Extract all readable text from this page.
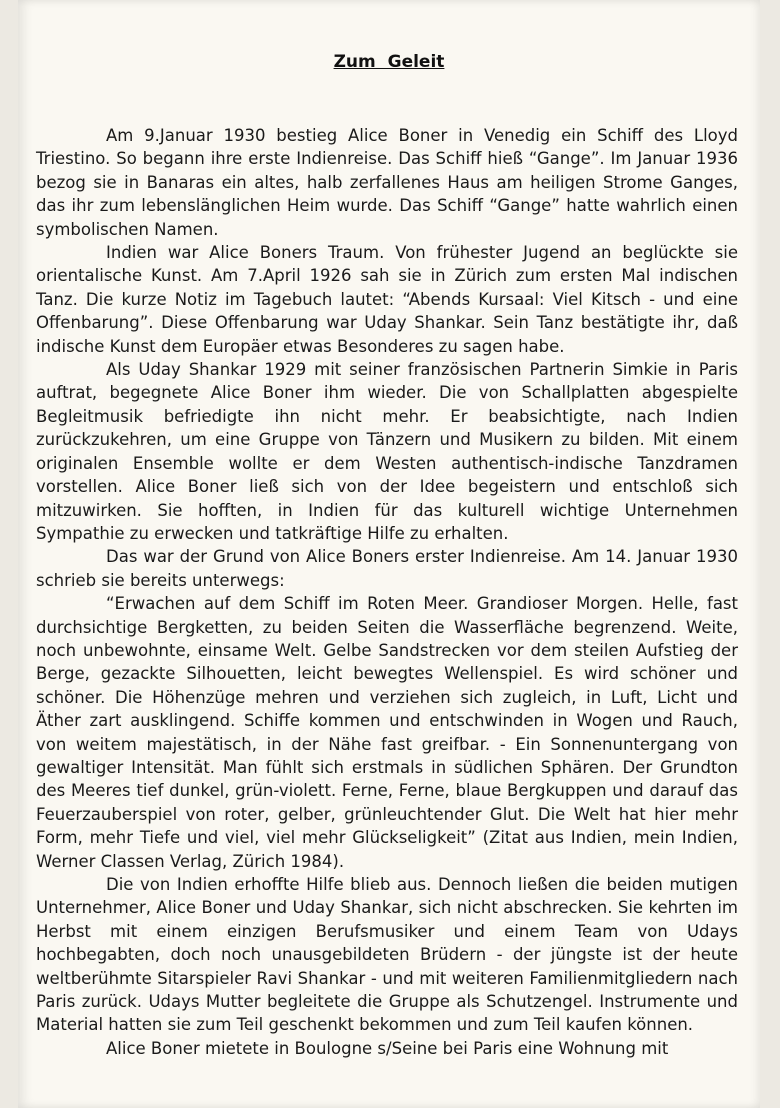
Zum Geleit

Am 9.Januar 1930 bestieg Alice Boner in Venedig ein Schiff des Lloyd Triestino. So begann ihre erste Indienreise. Das Schiff hieß “Gange”. Im Januar 1936 bezog sie in Banaras ein altes, halb zerfallenes Haus am heiligen Strome Ganges, das ihr zum lebenslänglichen Heim wurde. Das Schiff “Gange” hatte wahrlich einen symbolischen Namen.

Indien war Alice Boners Traum. Von frühester Jugend an beglückte sie orientalische Kunst. Am 7.April 1926 sah sie in Zürich zum ersten Mal indischen Tanz. Die kurze Notiz im Tagebuch lautet: “Abends Kursaal: Viel Kitsch - und eine Offenbarung”. Diese Offenbarung war Uday Shankar. Sein Tanz bestätigte ihr, daß indische Kunst dem Europäer etwas Besonderes zu sagen habe.

Als Uday Shankar 1929 mit seiner französischen Partnerin Simkie in Paris auftrat, begegnete Alice Boner ihm wieder. Die von Schallplatten abgespielte Begleitmusik befriedigte ihn nicht mehr. Er beabsichtigte, nach Indien zurückzukehren, um eine Gruppe von Tänzern und Musikern zu bilden. Mit einem originalen Ensemble wollte er dem Westen authentisch-indische Tanzdramen vorstellen. Alice Boner ließ sich von der Idee begeistern und entschloß sich mitzuwirken. Sie hofften, in Indien für das kulturell wichtige Unternehmen Sympathie zu erwecken und tatkräftige Hilfe zu erhalten.

Das war der Grund von Alice Boners erster Indienreise. Am 14. Januar 1930 schrieb sie bereits unterwegs:

“Erwachen auf dem Schiff im Roten Meer. Grandioser Morgen. Helle, fast durchsichtige Bergketten, zu beiden Seiten die Wasserfläche begrenzend. Weite, noch unbewohnte, einsame Welt. Gelbe Sandstrecken vor dem steilen Aufstieg der Berge, gezackte Silhouetten, leicht bewegtes Wellenspiel. Es wird schöner und schöner. Die Höhenzüge mehren und verziehen sich zugleich, in Luft, Licht und Äther zart ausklingend. Schiffe kommen und entschwinden in Wogen und Rauch, von weitem majestätisch, in der Nähe fast greifbar. - Ein Sonnenuntergang von gewaltiger Intensität. Man fühlt sich erstmals in südlichen Sphären. Der Grundton des Meeres tief dunkel, grün-violett. Ferne, Ferne, blaue Bergkuppen und darauf das Feuerzauberspiel von roter, gelber, grünleuchtender Glut. Die Welt hat hier mehr Form, mehr Tiefe und viel, viel mehr Glückseligkeit” (Zitat aus Indien, mein Indien, Werner Classen Verlag, Zürich 1984).

Die von Indien erhoffte Hilfe blieb aus. Dennoch ließen die beiden mutigen Unternehmer, Alice Boner und Uday Shankar, sich nicht abschrecken. Sie kehrten im Herbst mit einem einzigen Berufsmusiker und einem Team von Udays hochbegabten, doch noch unausgebildeten Brüdern - der jüngste ist der heute weltberühmte Sitarspieler Ravi Shankar - und mit weiteren Familienmitgliedern nach Paris zurück. Udays Mutter begleitete die Gruppe als Schutzengel. Instrumente und Material hatten sie zum Teil geschenkt bekommen und zum Teil kaufen können.

Alice Boner mietete in Boulogne s/Seine bei Paris eine Wohnung mit
